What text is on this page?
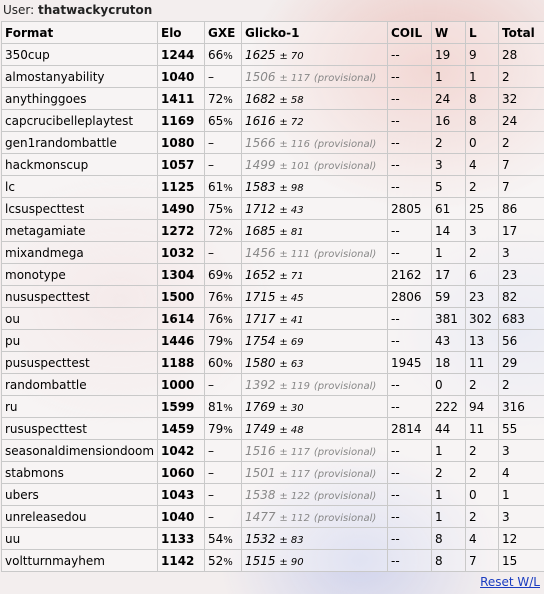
User: thatwackycruton
Format	Elo	GXE	Glicko-1	COIL	W	L	Total
350cup	1244	66%	1625 ± 70	--	19	9	28
almostanyability	1040	–	1506 ± 117 (provisional)	--	1	1	2
anythinggoes	1411	72%	1682 ± 58	--	24	8	32
capcrucibelleplaytest	1169	65%	1616 ± 72	--	16	8	24
gen1randombattle	1080	–	1566 ± 116 (provisional)	--	2	0	2
hackmonscup	1057	–	1499 ± 101 (provisional)	--	3	4	7
lc	1125	61%	1583 ± 98	--	5	2	7
lcsuspecttest	1490	75%	1712 ± 43	2805	61	25	86
metagamiate	1272	72%	1685 ± 81	--	14	3	17
mixandmega	1032	–	1456 ± 111 (provisional)	--	1	2	3
monotype	1304	69%	1652 ± 71	2162	17	6	23
nususpecttest	1500	76%	1715 ± 45	2806	59	23	82
ou	1614	76%	1717 ± 41	--	381	302	683
pu	1446	79%	1754 ± 69	--	43	13	56
pususpecttest	1188	60%	1580 ± 63	1945	18	11	29
randombattle	1000	–	1392 ± 119 (provisional)	--	0	2	2
ru	1599	81%	1769 ± 30	--	222	94	316
rususpecttest	1459	79%	1749 ± 48	2814	44	11	55
seasonaldimensiondoom	1042	–	1516 ± 117 (provisional)	--	1	2	3
stabmons	1060	–	1501 ± 117 (provisional)	--	2	2	4
ubers	1043	–	1538 ± 122 (provisional)	--	1	0	1
unreleasedou	1040	–	1477 ± 112 (provisional)	--	1	2	3
uu	1133	54%	1532 ± 83	--	8	4	12
voltturnmayhem	1142	52%	1515 ± 90	--	8	7	15
Reset W/L
